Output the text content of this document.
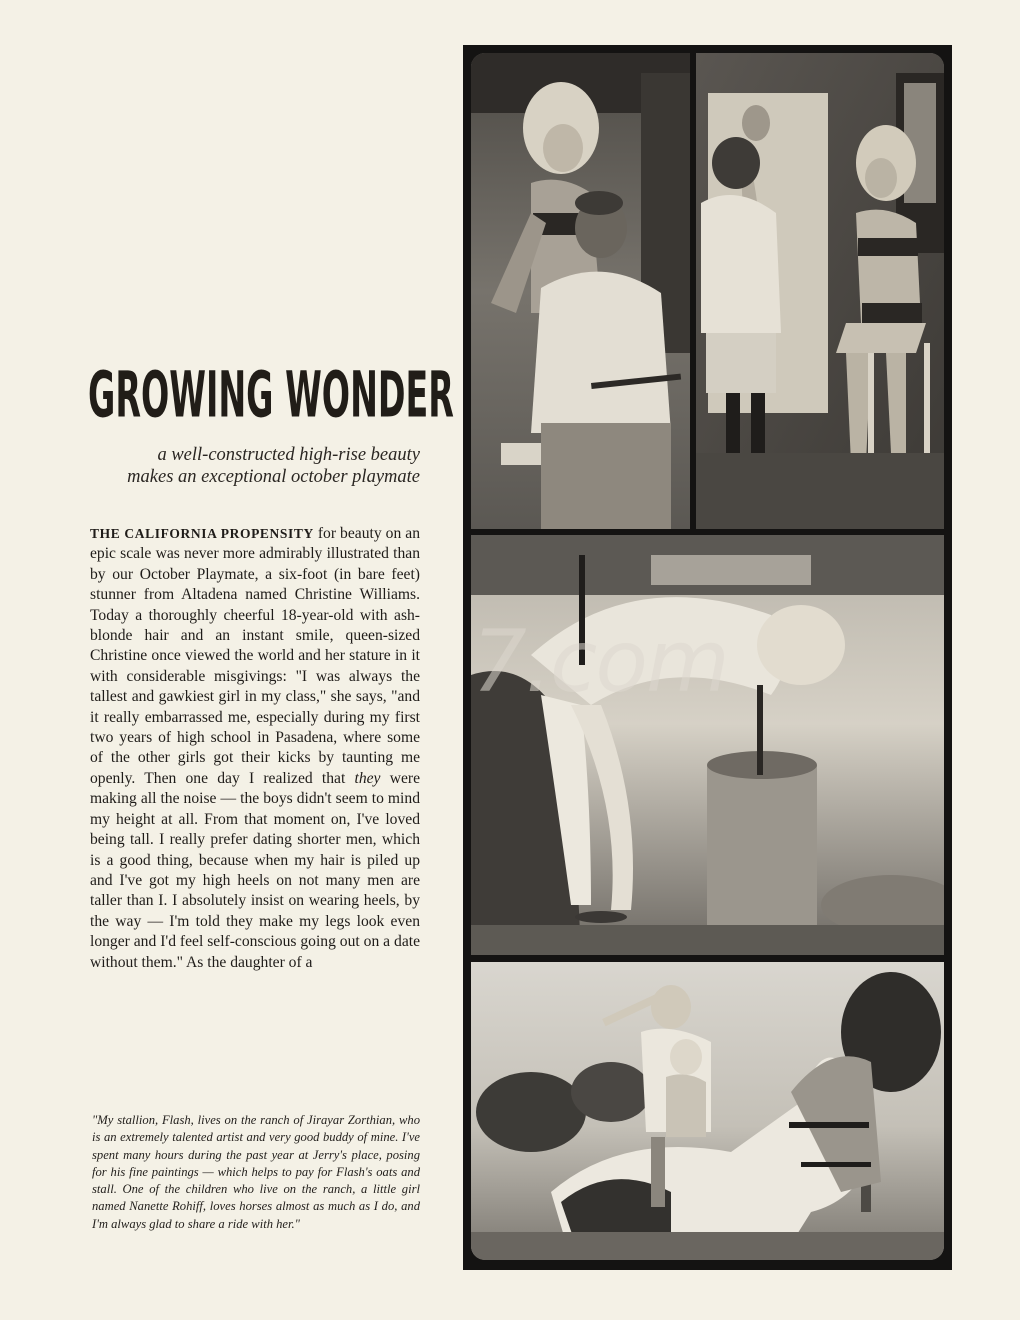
GROWING WONDER
a well-constructed high-rise beauty
makes an exceptional october playmate
THE CALIFORNIA PROPENSITY for beauty on an epic scale was never more admirably illustrated than by our October Playmate, a six-foot (in bare feet) stunner from Altadena named Christine Williams. Today a thoroughly cheerful 18-year-old with ash-blonde hair and an instant smile, queen-sized Christine once viewed the world and her stature in it with considerable misgivings: "I was always the tallest and gawkiest girl in my class," she says, "and it really embarrassed me, especially during my first two years of high school in Pasadena, where some of the other girls got their kicks by taunting me openly. Then one day I realized that they were making all the noise — the boys didn't seem to mind my height at all. From that moment on, I've loved being tall. I really prefer dating shorter men, which is a good thing, because when my hair is piled up and I've got my high heels on not many men are taller than I. I absolutely insist on wearing heels, by the way — I'm told they make my legs look even longer and I'd feel self-conscious going out on a date without them." As the daughter of a
"My stallion, Flash, lives on the ranch of Jirayar Zorthian, who is an extremely talented artist and very good buddy of mine. I've spent many hours during the past year at Jerry's place, posing for his fine paintings — which helps to pay for Flash's oats and stall. One of the children who live on the ranch, a little girl named Nanette Rohiff, loves horses almost as much as I do, and I'm always glad to share a ride with her."
7.com
